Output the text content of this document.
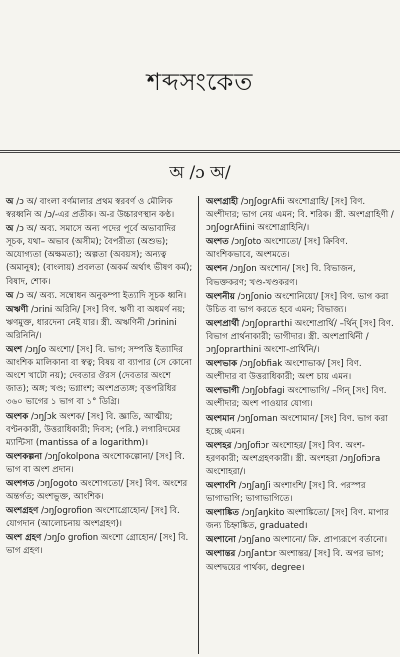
শব্দসংকেত
অ /ɔ অ/
অ /ɔ অ/ বাংলা বর্ণমালার প্রথম স্বরবর্ণ ও মৌলিক স্বরধ্বনি অ /ɔ/-এর প্রতীক। অ-র উচ্চারণস্থান কণ্ঠ।
অ /ɔ অ/ অব্য. সমাসে অন্য পদের পূর্বে অভাবাদির সূচক, যথা– অভাব (অসীম); বৈপরীত্য (অশুভ); অযোগ্যতা (অক্ষমতা); অল্পতা (অবয়স); অন্যত্ব (অমানুষ); (বাংলায়) প্রবলতা (অকর্ম অর্থাৎ ভীষণ কর্ম); বিষাদ, শোক।
অ /ɔ অ/ অব্য. সম্বোধন অনুকম্পা ইত্যাদি সূচক ধ্বনি।
অঋণী /ɔrini অরিনি/ [সং] বিণ. ঋণী বা অধমর্ণ নয়; ঋণমুক্ত, ধারদেনা নেই যার। স্ত্রী. অঋণিনী /ɔrinini অরিনিনি/।
অংশ /ɔŋʃo অংশো/ [সং] বি. ভাগ; সম্পত্তি ইত্যাদির আংশিক মালিকানা বা স্বত্ব; বিষয় বা ব্যাপার (সে কোনো অংশে খাটো নয়); দেবতার ঔরস (দেবতার অংশে জাত); অঙ্গ; খণ্ড; ভগ্নাংশ; অংশপ্রত্যঙ্গ; বৃত্তপরিধির ৩৬০ ভাগের ১ ভাগ বা ১° ডিগ্রি।
অংশক /ɔŋʃɔk অংশক/ [সং] বি. জ্ঞাতি, আত্মীয়; বণ্টনকারী, উত্তরাধিকারী; দিবস; (পরি.) লগারিদমের ম্যান্টিসা (mantissa of a logarithm)।
অংশকল্পনা /ɔŋʃokolpona অংশোকল্পোনা/ [সং] বি. ভাগ বা অংশ প্রদান।
অংশগত /ɔŋʃogoto অংশোগতো/ [সং] বিণ. অংশের অন্তর্গত; অংশভুক্ত, আংশিক।
অংশগ্রহণ /ɔŋʃogrofion অংশোগ্রোহোন/ [সং] বি. যোগদান (আলোচনায় অংশগ্রহণ)।
অংশ গ্রহণ /ɔŋʃo grofion অংশো গ্রোহোন/ [সং] বি. ভাগ গ্রহণ।
অংশগ্রাহী /ɔŋʃogrAfii অংশোগ্রাহি/ [সং] বিণ. অংশীদার; ভাগ নেয় এমন; বি. শরিক। স্ত্রী. অংশগ্রাহিণী /ɔŋʃogrAfiini অংশোগ্রাহিনি/।
অংশত /ɔŋʃoto অংশোতো/ [সং] ক্রিবিণ. আংশিকভাবে, অংশমতে।
অংশন /ɔŋʃon অংশোন/ [সং] বি. বিভাজন, বিভক্তকরণ; খণ্ড-খণ্ডকরণ।
অংশনীয় /ɔŋʃonio অংশোনিয়ো/ [সং] বিণ. ভাগ করা উচিত বা ভাগ করতে হবে এমন; বিভাজ্য।
অংশপ্রার্থী /ɔŋʃoprarthi অংশোপ্রার্থি/ –র্থিন্ [সং] বিণ. বিভাগ প্রার্থনাকারী; ভাগীদার। স্ত্রী. অংশপ্রার্থিনী /ɔŋʃoprarthini অংশো-প্রার্থিনি/।
অংশভাক /ɔŋʃobfiak অংশোভাক/ [সং] বিণ. অংশীদার বা উত্তরাধিকারী; অংশ চায় এমন।
অংশভাগী /ɔŋʃobfagi অংশোভাগি/ –গিন্ [সং] বিণ. অংশীদার; অংশ পাওয়ার যোগ্য।
অংশমান /ɔŋʃoman অংশোমান/ [সং] বিণ. ভাগ করা হচ্ছে এমন।
অংশহর /ɔŋʃofiɔr অংশোহর/ [সং] বিণ. অংশ-হরণকারী; অংশগ্রহণকারী। স্ত্রী. অংশহরা /ɔŋʃofiɔra অংশোহরা/।
অংশাংশি /ɔŋʃaŋʃi অংশাংশি/ [সং] বি. পরস্পর ভাগাভাগি; ভাগাভাগিতে।
অংশাঙ্কিত /ɔŋʃaŋkito অংশাঙ্কিতো/ [সং] বিণ. মাপার জন্য চিহ্নাঙ্কিত, graduated।
অংশানো /ɔŋʃano অংশানো/ ক্রি. প্রাপ্যরূপে বর্তানো।
অংশান্তর /ɔŋʃantɔr অংশান্তর/ [সং] বি. অপর ভাগ; অংশদ্বয়ের পার্থক্য, degree।
